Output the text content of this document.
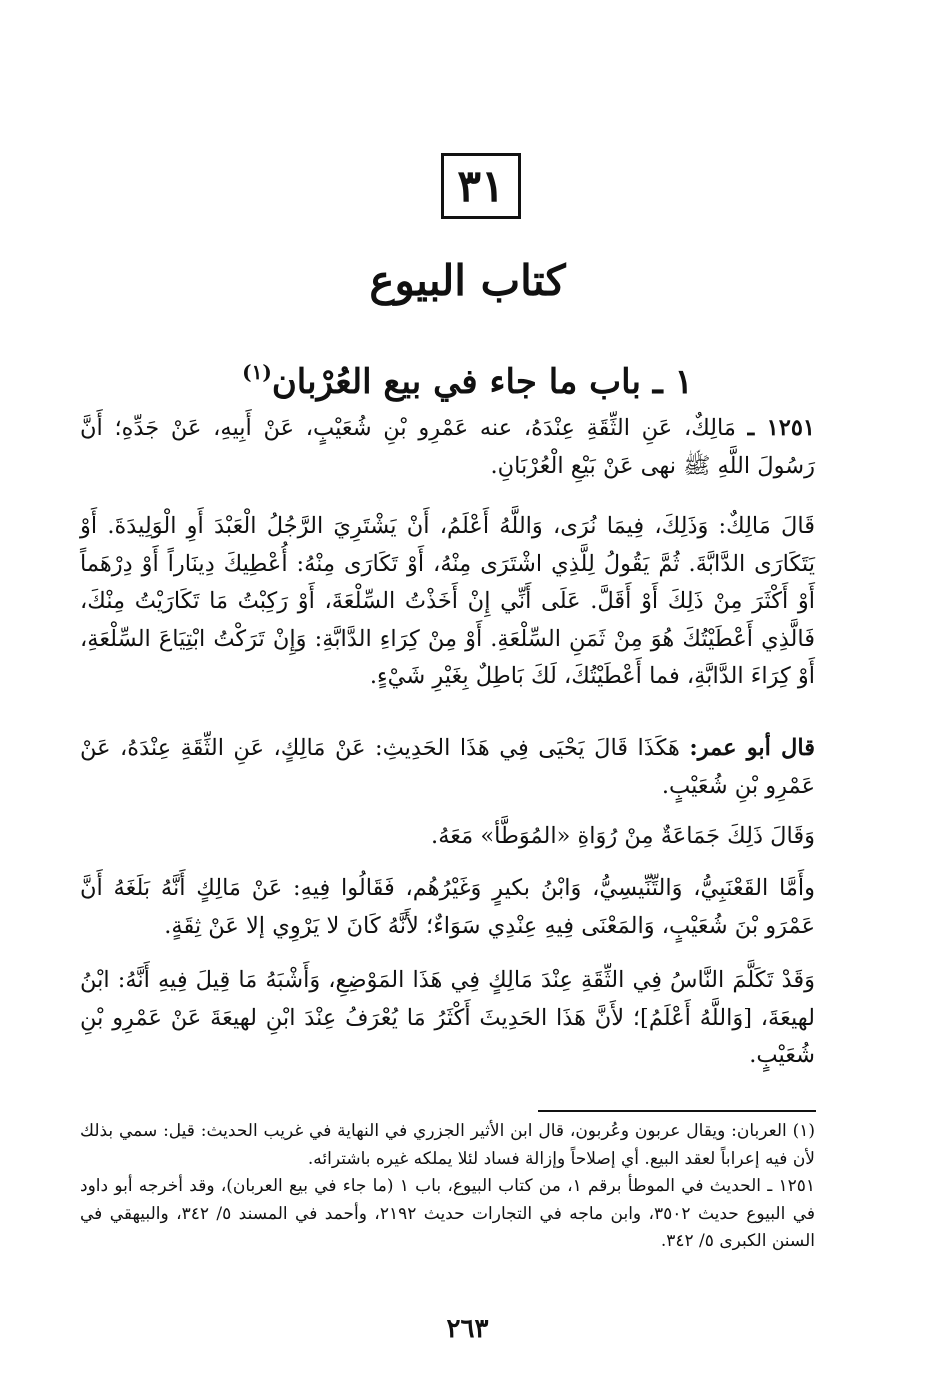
٣١
كتاب البيوع
١ ـ باب ما جاء في بيع العُرْبان$^{(١)}$

١٢٥١ ـ مَالِكٌ، عَنِ الثِّقَةِ عِنْدَهُ، عنه عَمْرِو بْنِ شُعَيْبٍ، عَنْ أَبِيهِ، عَنْ جَدِّهِ؛ أَنَّ رَسُولَ اللَّهِ ﷺ نهى عَنْ بَيْعِ الْعُرْبَانِ.

قَالَ مَالِكٌ: وَذَلِكَ، فِيمَا نُرَى، وَاللَّهُ أَعْلَمُ، أَنْ يَشْتَرِيَ الرَّجُلُ الْعَبْدَ أَوِ الْوَلِيدَةَ. أَوْ يَتَكَارَى الدَّابَّةَ. ثُمَّ يَقُولُ لِلَّذِي اشْتَرَى مِنْهُ، أَوْ تَكَارَى مِنْهُ: أُعْطِيكَ دِينَاراً أَوْ دِرْهَماً أَوْ أَكْثَرَ مِنْ ذَلِكَ أَوْ أَقَلَّ. عَلَى أَنِّي إِنْ أَخَذْتُ السِّلْعَةَ، أَوْ رَكِبْتُ مَا تَكَارَيْتُ مِنْكَ، فَالَّذِي أَعْطَيْتُكَ هُوَ مِنْ ثَمَنِ السِّلْعَةِ. أَوْ مِنْ كِرَاءِ الدَّابَّةِ: وَإِنْ تَرَكْتُ ابْتِيَاعَ السِّلْعَةِ، أَوْ كِرَاءَ الدَّابَّةِ، فما أَعْطَيْتُكَ، لَكَ بَاطِلٌ بِغَيْرِ شَيْءٍ.

قال أبو عمر: هَكَذَا قَالَ يَحْيَى فِي هَذَا الحَدِيثِ: عَنْ مَالِكٍ، عَنِ الثِّقَةِ عِنْدَهُ، عَنْ عَمْرِو بْنِ شُعَيْبٍ.

وَقَالَ ذَلِكَ جَمَاعَةٌ مِنْ رُوَاةِ «المُوَطَّأ» مَعَهُ.

وأَمَّا القَعْنَبِيُّ، وَالتِّنِّيسِيُّ، وَابْنُ بكيرٍ وَغَيْرُهُم، فَقَالُوا فِيهِ: عَنْ مَالِكٍ أَنَّهُ بَلَغَهُ أَنَّ عَمْرَو بْنَ شُعَيْبٍ، وَالمَعْنَى فِيهِ عِنْدِي سَوَاءٌ؛ لأَنَّهُ كَانَ لا يَرْوِي إلا عَنْ ثِقَةٍ.

وَقَدْ تَكَلَّمَ النَّاسُ فِي الثِّقَةِ عِنْدَ مَالِكٍ فِي هَذَا المَوْضِعِ، وَأَشْبَهُ مَا قِيلَ فِيهِ أَنَّهُ: ابْنُ لهيعَةَ، [وَاللَّهُ أَعْلَمُ]؛ لأَنَّ هَذَا الحَدِيثَ أَكْثَرُ مَا يُعْرَفُ عِنْدَ ابْنِ لهيعَةَ عَنْ عَمْرِو بْنِ شُعَيْبٍ.

(١) العربان: ويقال عربون وعُربون، قال ابن الأثير الجزري في النهاية في غريب الحديث: قيل: سمي بذلك لأن فيه إعراباً لعقد البيع. أي إصلاحاً وإزالة فساد لئلا يملكه غيره باشترائه.

١٢٥١ ـ الحديث في الموطأ برقم ١، من كتاب البيوع، باب ١ (ما جاء في بيع العربان)، وقد أخرجه أبو داود في البيوع حديث ٣٥٠٢، وابن ماجه في التجارات حديث ٢١٩٢، وأحمد في المسند ٥/ ٣٤٢، والبيهقي في السنن الكبرى ٥/ ٣٤٢.

٢٦٣
